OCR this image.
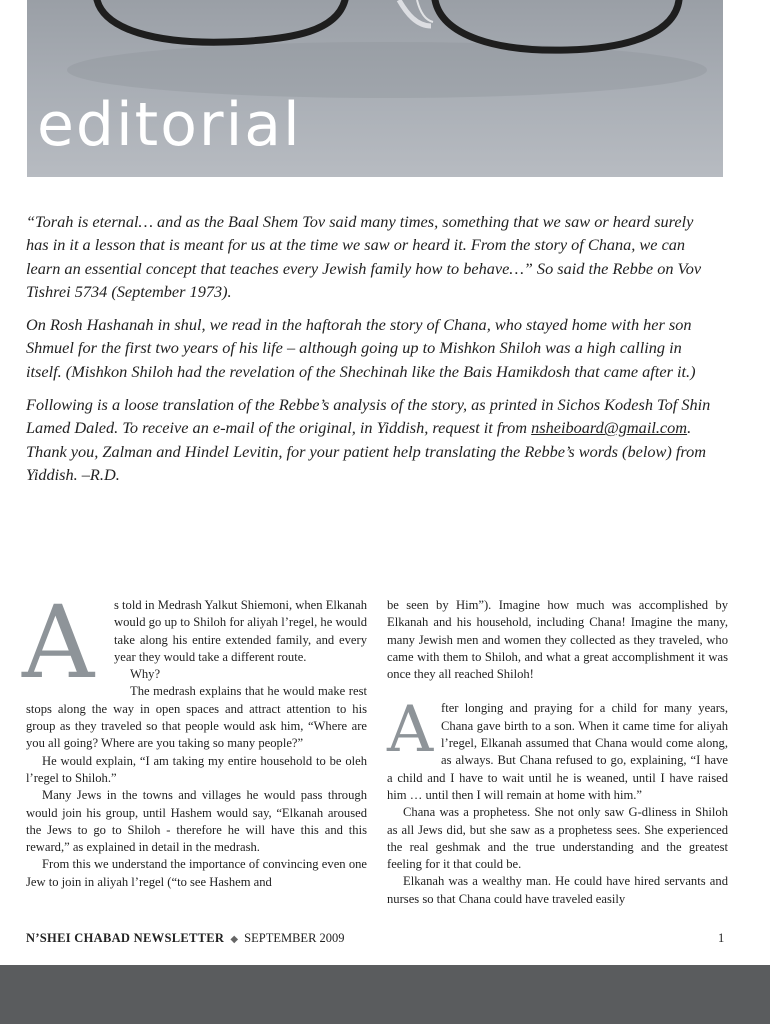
editorial

“Torah is eternal… and as the Baal Shem Tov said many times, something that we saw or heard surely has in it a lesson that is meant for us at the time we saw or heard it. From the story of Chana, we can learn an essential concept that teaches every Jewish family how to behave…” So said the Rebbe on Vov Tishrei 5734 (September 1973).

On Rosh Hashanah in shul, we read in the haftorah the story of Chana, who stayed home with her son Shmuel for the first two years of his life – although going up to Mishkon Shiloh was a high calling in itself. (Mishkon Shiloh had the revelation of the Shechinah like the Bais Hamikdosh that came after it.)

Following is a loose translation of the Rebbe’s analysis of the story, as printed in Sichos Kodesh Tof Shin Lamed Daled. To receive an e-mail of the original, in Yiddish, request it from nsheiboard@gmail.com. Thank you, Zalman and Hindel Levitin, for your patient help translating the Rebbe’s words (below) from Yiddish. –R.D.

A	s told in Medrash Yalkut Shiemoni, when Elkanah would go up to Shiloh for aliyah l’regel, he would take along his entire extended family, and every year they would take a different route.

Why?

The medrash explains that he would make rest stops along the way in open spaces and attract attention to his group as they traveled so that people would ask him, “Where are you all going? Where are you taking so many people?”

He would explain, “I am taking my entire household to be oleh l’regel to Shiloh.”

Many Jews in the towns and villages he would pass through would join his group, until Hashem would say, “Elkanah aroused the Jews to go to Shiloh - therefore he will have this and this reward,” as explained in detail in the medrash.

From this we understand the importance of convincing even one Jew to join in aliyah l’regel (“to see Hashem and

be seen by Him”). Imagine how much was accomplished by Elkanah and his household, including Chana! Imagine the many, many Jewish men and women they collected as they traveled, who came with them to Shiloh, and what a great accomplishment it was once they all reached Shiloh!

After longing and praying for a child for many years, Chana gave birth to a son. When it came time for aliyah l’regel, Elkanah assumed that Chana would come along, as always. But Chana refused to go, explaining, “I have a child and I have to wait until he is weaned, until I have raised him … until then I will remain at home with him.”

Chana was a prophetess. She not only saw G-dliness in Shiloh as all Jews did, but she saw as a prophetess sees. She experienced the real geshmak and the true understanding and the greatest feeling for it that could be.

Elkanah was a wealthy man. He could have hired servants and nurses so that Chana could have traveled easily

N’SHEI CHABAD NEWSLETTER ◆ SEPTEMBER 2009	1
